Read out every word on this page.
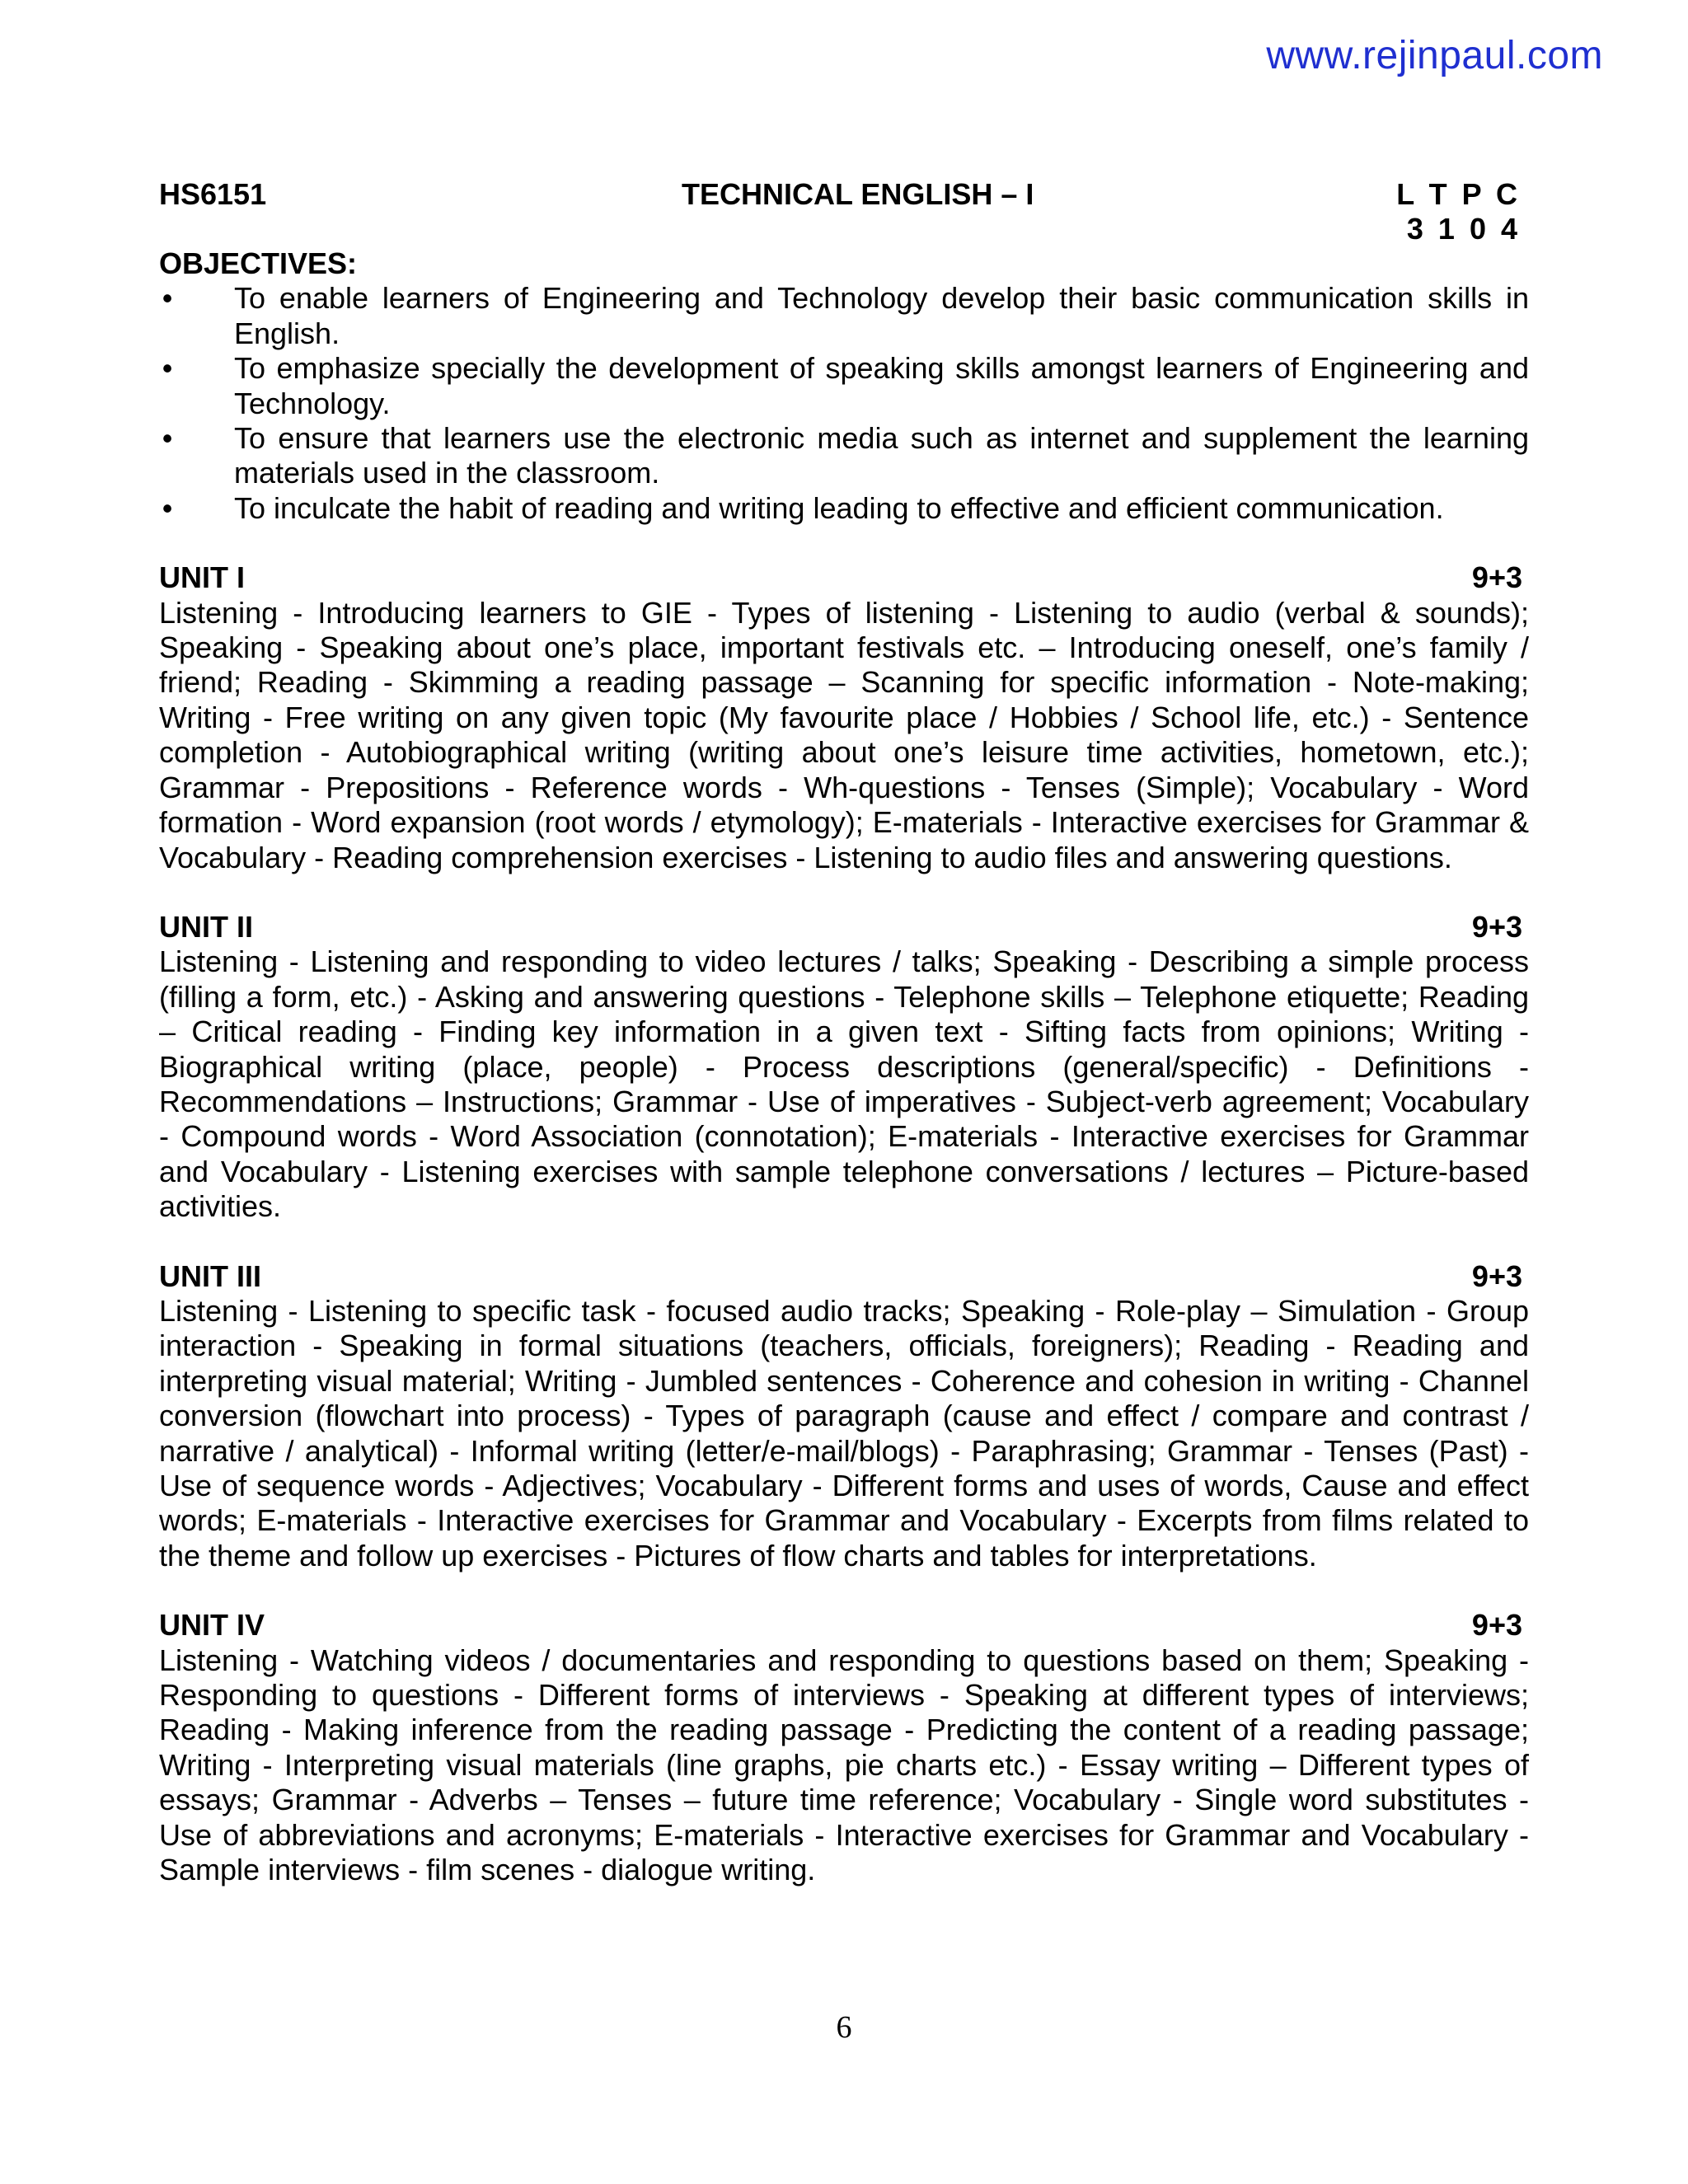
www.rejinpaul.com
HS6151	TECHNICAL ENGLISH – I	L T P C
3 1 0 4
OBJECTIVES:
• To enable learners of Engineering and Technology develop their basic communication skills in English.
• To emphasize specially the development of speaking skills amongst learners of Engineering and Technology.
• To ensure that learners use the electronic media such as internet and supplement the learning materials used in the classroom.
• To inculcate the habit of reading and writing leading to effective and efficient communication.
UNIT I	9+3

Listening - Introducing learners to GIE - Types of listening - Listening to audio (verbal & sounds); Speaking - Speaking about one’s place, important festivals etc. – Introducing oneself, one’s family / friend; Reading - Skimming a reading passage – Scanning for specific information - Note-making; Writing - Free writing on any given topic (My favourite place / Hobbies / School life, etc.) - Sentence completion - Autobiographical writing (writing about one’s leisure time activities, hometown, etc.); Grammar - Prepositions - Reference words - Wh-questions - Tenses (Simple); Vocabulary - Word formation - Word expansion (root words / etymology); E-materials - Interactive exercises for Grammar & Vocabulary - Reading comprehension exercises - Listening to audio files and answering questions.

UNIT II	9+3

Listening - Listening and responding to video lectures / talks; Speaking - Describing a simple process (filling a form, etc.) - Asking and answering questions - Telephone skills – Telephone etiquette; Reading – Critical reading - Finding key information in a given text - Sifting facts from opinions; Writing - Biographical writing (place, people) - Process descriptions (general/specific) - Definitions - Recommendations – Instructions; Grammar - Use of imperatives - Subject-verb agreement; Vocabulary - Compound words - Word Association (connotation); E-materials - Interactive exercises for Grammar and Vocabulary - Listening exercises with sample telephone conversations / lectures – Picture-based activities.

UNIT III	9+3

Listening - Listening to specific task - focused audio tracks; Speaking - Role-play – Simulation - Group interaction - Speaking in formal situations (teachers, officials, foreigners); Reading - Reading and interpreting visual material; Writing - Jumbled sentences - Coherence and cohesion in writing - Channel conversion (flowchart into process) - Types of paragraph (cause and effect / compare and contrast / narrative / analytical) - Informal writing (letter/e-mail/blogs) - Paraphrasing; Grammar - Tenses (Past) - Use of sequence words - Adjectives; Vocabulary - Different forms and uses of words, Cause and effect words; E-materials - Interactive exercises for Grammar and Vocabulary - Excerpts from films related to the theme and follow up exercises - Pictures of flow charts and tables for interpretations.

UNIT IV	9+3

Listening - Watching videos / documentaries and responding to questions based on them; Speaking - Responding to questions - Different forms of interviews - Speaking at different types of interviews; Reading - Making inference from the reading passage - Predicting the content of a reading passage; Writing - Interpreting visual materials (line graphs, pie charts etc.) - Essay writing – Different types of essays; Grammar - Adverbs – Tenses – future time reference; Vocabulary - Single word substitutes - Use of abbreviations and acronyms; E-materials - Interactive exercises for Grammar and Vocabulary - Sample interviews - film scenes - dialogue writing.

6
